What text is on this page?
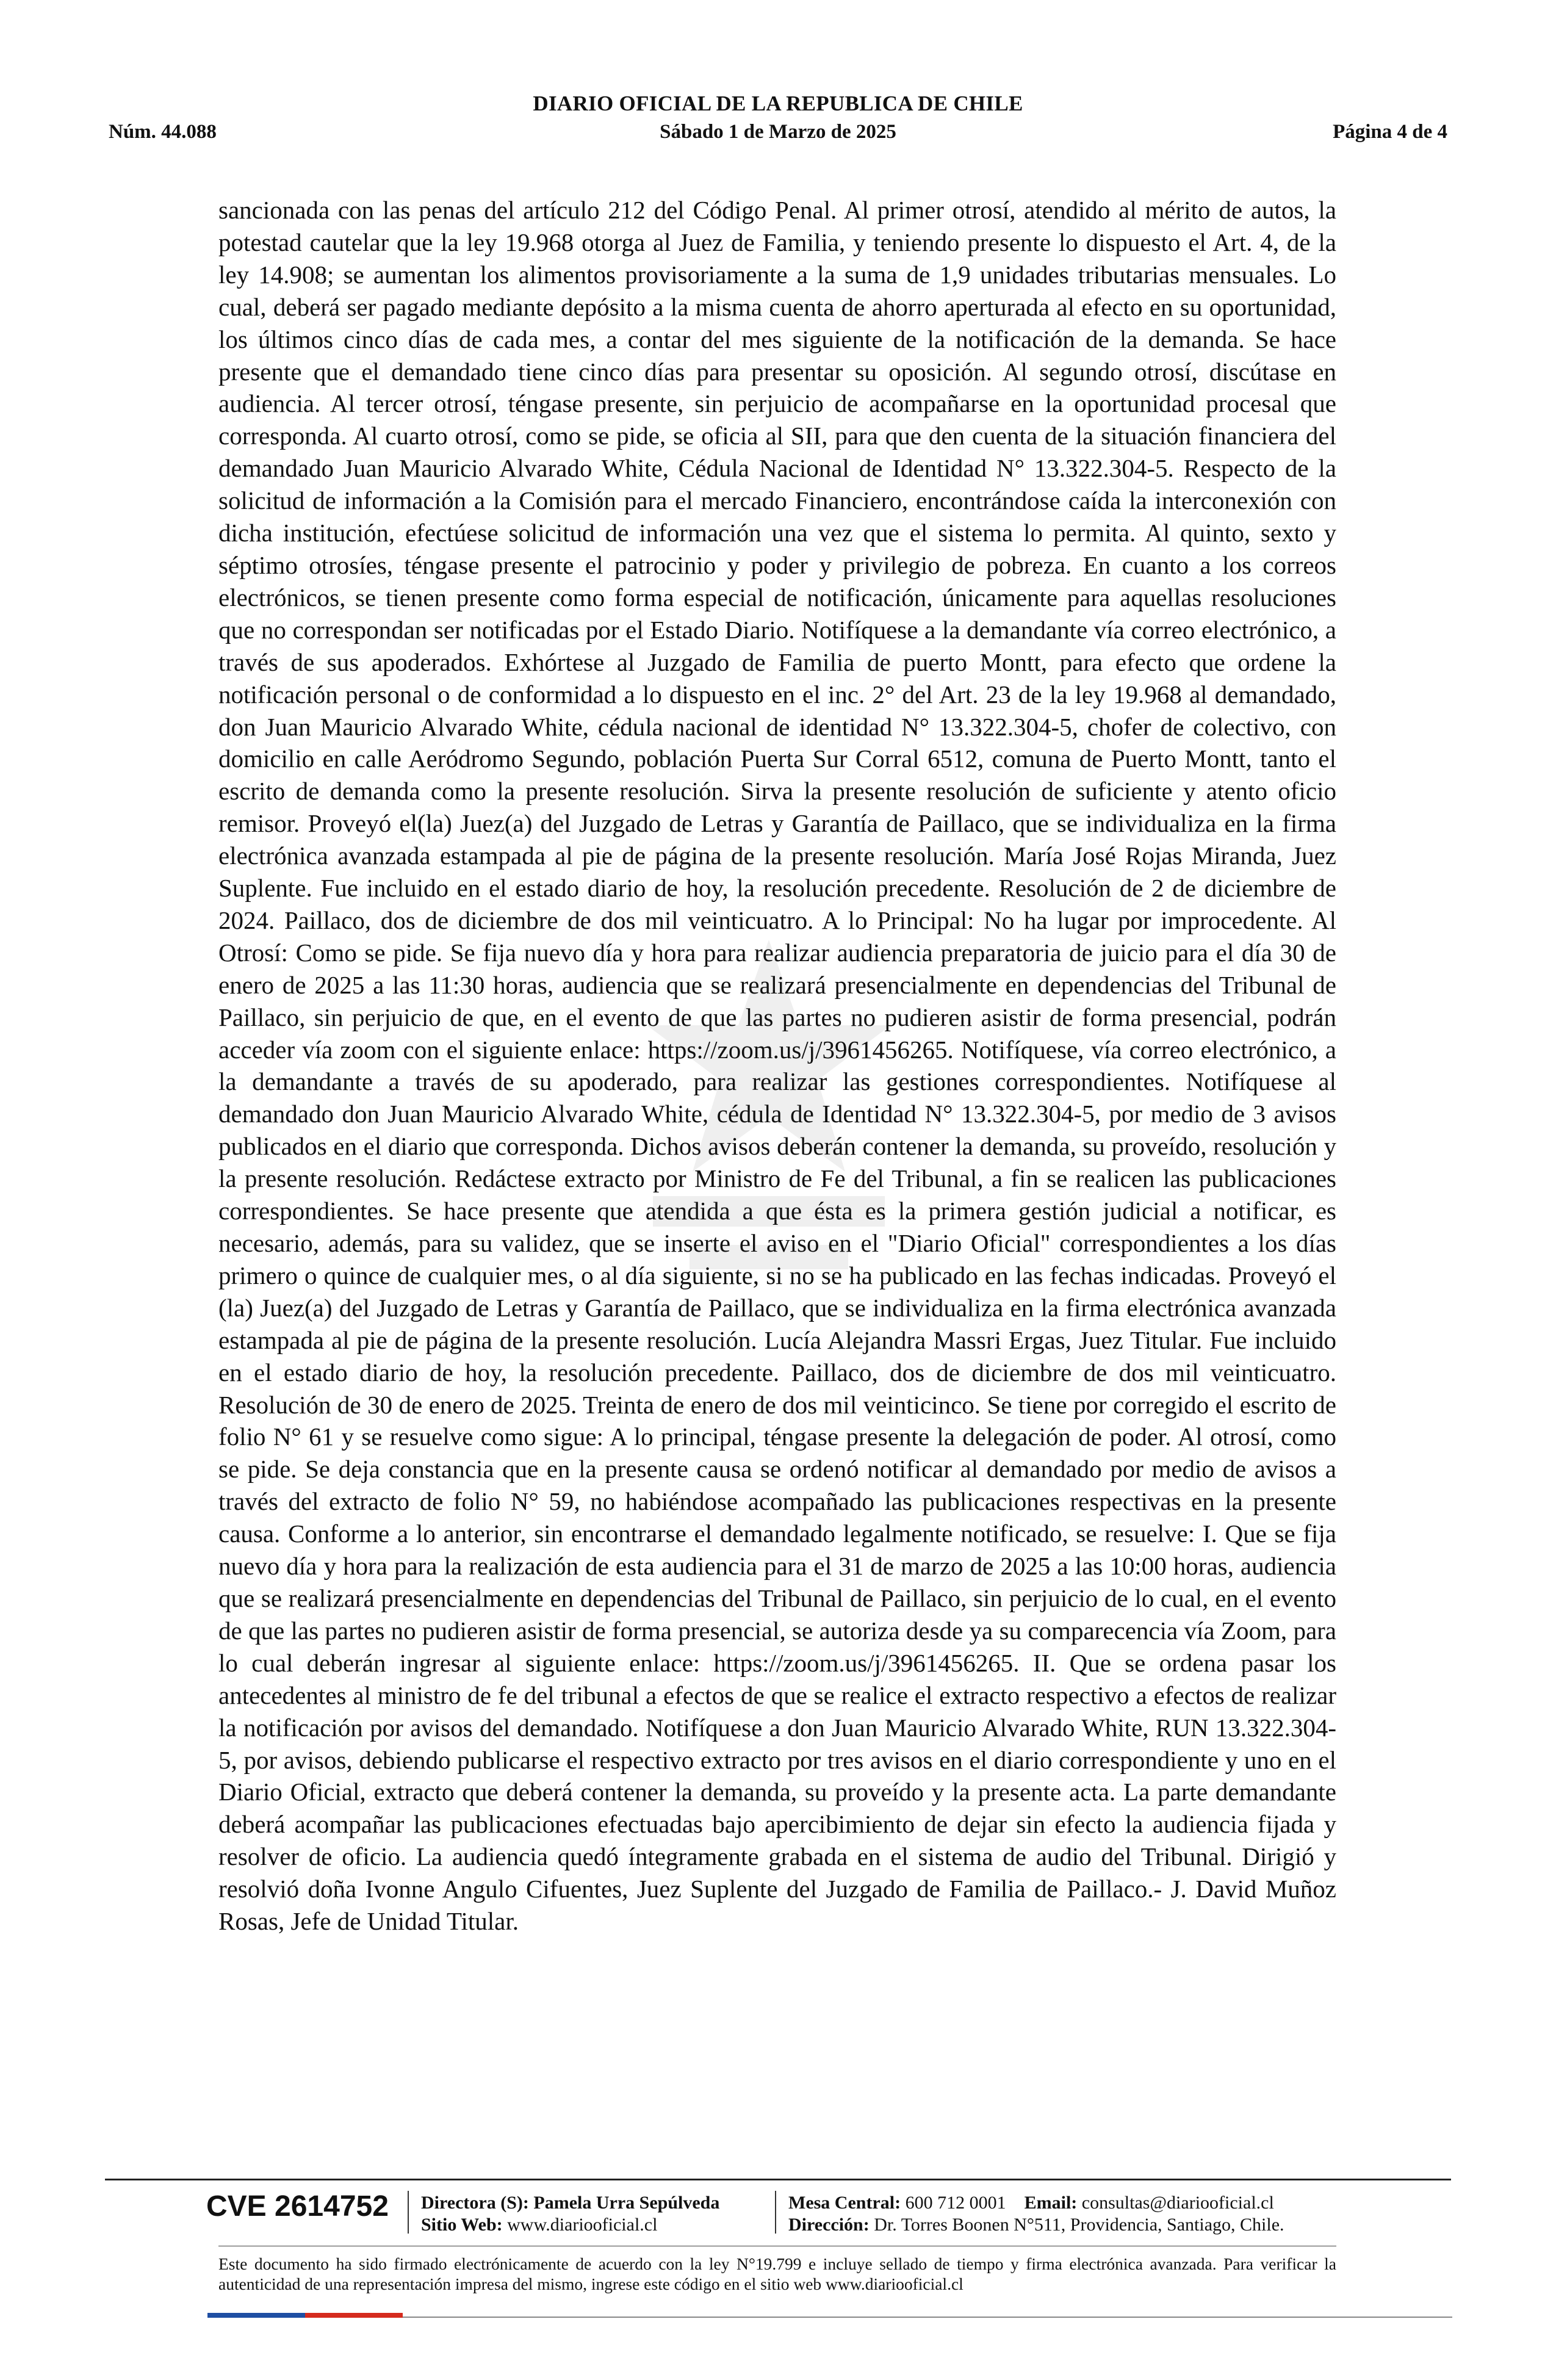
DIARIO OFICIAL DE LA REPUBLICA DE CHILE
Núm. 44.088	Sábado 1 de Marzo de 2025	Página 4 de 4

sancionada con las penas del artículo 212 del Código Penal. Al primer otrosí, atendido al mérito de autos, la potestad cautelar que la ley 19.968 otorga al Juez de Familia, y teniendo presente lo dispuesto el Art. 4, de la ley 14.908; se aumentan los alimentos provisoriamente a la suma de 1,9 unidades tributarias mensuales. Lo cual, deberá ser pagado mediante depósito a la misma cuenta de ahorro aperturada al efecto en su oportunidad, los últimos cinco días de cada mes, a contar del mes siguiente de la notificación de la demanda. Se hace presente que el demandado tiene cinco días para presentar su oposición. Al segundo otrosí, discútase en audiencia. Al tercer otrosí, téngase presente, sin perjuicio de acompañarse en la oportunidad procesal que corresponda. Al cuarto otrosí, como se pide, se oficia al SII, para que den cuenta de la situación financiera del demandado Juan Mauricio Alvarado White, Cédula Nacional de Identidad N° 13.322.304-5. Respecto de la solicitud de información a la Comisión para el mercado Financiero, encontrándose caída la interconexión con dicha institución, efectúese solicitud de información una vez que el sistema lo permita. Al quinto, sexto y séptimo otrosíes, téngase presente el patrocinio y poder y privilegio de pobreza. En cuanto a los correos electrónicos, se tienen presente como forma especial de notificación, únicamente para aquellas resoluciones que no correspondan ser notificadas por el Estado Diario. Notifíquese a la demandante vía correo electrónico, a través de sus apoderados. Exhórtese al Juzgado de Familia de puerto Montt, para efecto que ordene la notificación personal o de conformidad a lo dispuesto en el inc. 2° del Art. 23 de la ley 19.968 al demandado, don Juan Mauricio Alvarado White, cédula nacional de identidad N° 13.322.304-5, chofer de colectivo, con domicilio en calle Aeródromo Segundo, población Puerta Sur Corral 6512, comuna de Puerto Montt, tanto el escrito de demanda como la presente resolución. Sirva la presente resolución de suficiente y atento oficio remisor. Proveyó el(la) Juez(a) del Juzgado de Letras y Garantía de Paillaco, que se individualiza en la firma electrónica avanzada estampada al pie de página de la presente resolución. María José Rojas Miranda, Juez Suplente. Fue incluido en el estado diario de hoy, la resolución precedente. Resolución de 2 de diciembre de 2024. Paillaco, dos de diciembre de dos mil veinticuatro. A lo Principal: No ha lugar por improcedente. Al Otrosí: Como se pide. Se fija nuevo día y hora para realizar audiencia preparatoria de juicio para el día 30 de enero de 2025 a las 11:30 horas, audiencia que se realizará presencialmente en dependencias del Tribunal de Paillaco, sin perjuicio de que, en el evento de que las partes no pudieren asistir de forma presencial, podrán acceder vía zoom con el siguiente enlace: https://zoom.us/j/3961456265. Notifíquese, vía correo electrónico, a la demandante a través de su apoderado, para realizar las gestiones correspondientes. Notifíquese al demandado don Juan Mauricio Alvarado White, cédula de Identidad N° 13.322.304-5, por medio de 3 avisos publicados en el diario que corresponda. Dichos avisos deberán contener la demanda, su proveído, resolución y la presente resolución. Redáctese extracto por Ministro de Fe del Tribunal, a fin se realicen las publicaciones correspondientes. Se hace presente que atendida a que ésta es la primera gestión judicial a notificar, es necesario, además, para su validez, que se inserte el aviso en el "Diario Oficial" correspondientes a los días primero o quince de cualquier mes, o al día siguiente, si no se ha publicado en las fechas indicadas. Proveyó el (la) Juez(a) del Juzgado de Letras y Garantía de Paillaco, que se individualiza en la firma electrónica avanzada estampada al pie de página de la presente resolución. Lucía Alejandra Massri Ergas, Juez Titular. Fue incluido en el estado diario de hoy, la resolución precedente. Paillaco, dos de diciembre de dos mil veinticuatro. Resolución de 30 de enero de 2025. Treinta de enero de dos mil veinticinco. Se tiene por corregido el escrito de folio N° 61 y se resuelve como sigue: A lo principal, téngase presente la delegación de poder. Al otrosí, como se pide. Se deja constancia que en la presente causa se ordenó notificar al demandado por medio de avisos a través del extracto de folio N° 59, no habiéndose acompañado las publicaciones respectivas en la presente causa. Conforme a lo anterior, sin encontrarse el demandado legalmente notificado, se resuelve: I. Que se fija nuevo día y hora para la realización de esta audiencia para el 31 de marzo de 2025 a las 10:00 horas, audiencia que se realizará presencialmente en dependencias del Tribunal de Paillaco, sin perjuicio de lo cual, en el evento de que las partes no pudieren asistir de forma presencial, se autoriza desde ya su comparecencia vía Zoom, para lo cual deberán ingresar al siguiente enlace: https://zoom.us/j/3961456265. II. Que se ordena pasar los antecedentes al ministro de fe del tribunal a efectos de que se realice el extracto respectivo a efectos de realizar la notificación por avisos del demandado. Notifíquese a don Juan Mauricio Alvarado White, RUN 13.322.304-5, por avisos, debiendo publicarse el respectivo extracto por tres avisos en el diario correspondiente y uno en el Diario Oficial, extracto que deberá contener la demanda, su proveído y la presente acta. La parte demandante deberá acompañar las publicaciones efectuadas bajo apercibimiento de dejar sin efecto la audiencia fijada y resolver de oficio. La audiencia quedó íntegramente grabada en el sistema de audio del Tribunal. Dirigió y resolvió doña Ivonne Angulo Cifuentes, Juez Suplente del Juzgado de Familia de Paillaco.- J. David Muñoz Rosas, Jefe de Unidad Titular.

CVE 2614752 Directora (S): Pamela Urra Sepúlveda
Sitio Web: www.diariooficial.cl
Mesa Central: 600 712 0001 Email: consultas@diariooficial.cl
Dirección: Dr. Torres Boonen N°511, Providencia, Santiago, Chile.

Este documento ha sido firmado electrónicamente de acuerdo con la ley N°19.799 e incluye sellado de tiempo y firma electrónica avanzada. Para verificar la autenticidad de una representación impresa del mismo, ingrese este código en el sitio web www.diariooficial.cl
